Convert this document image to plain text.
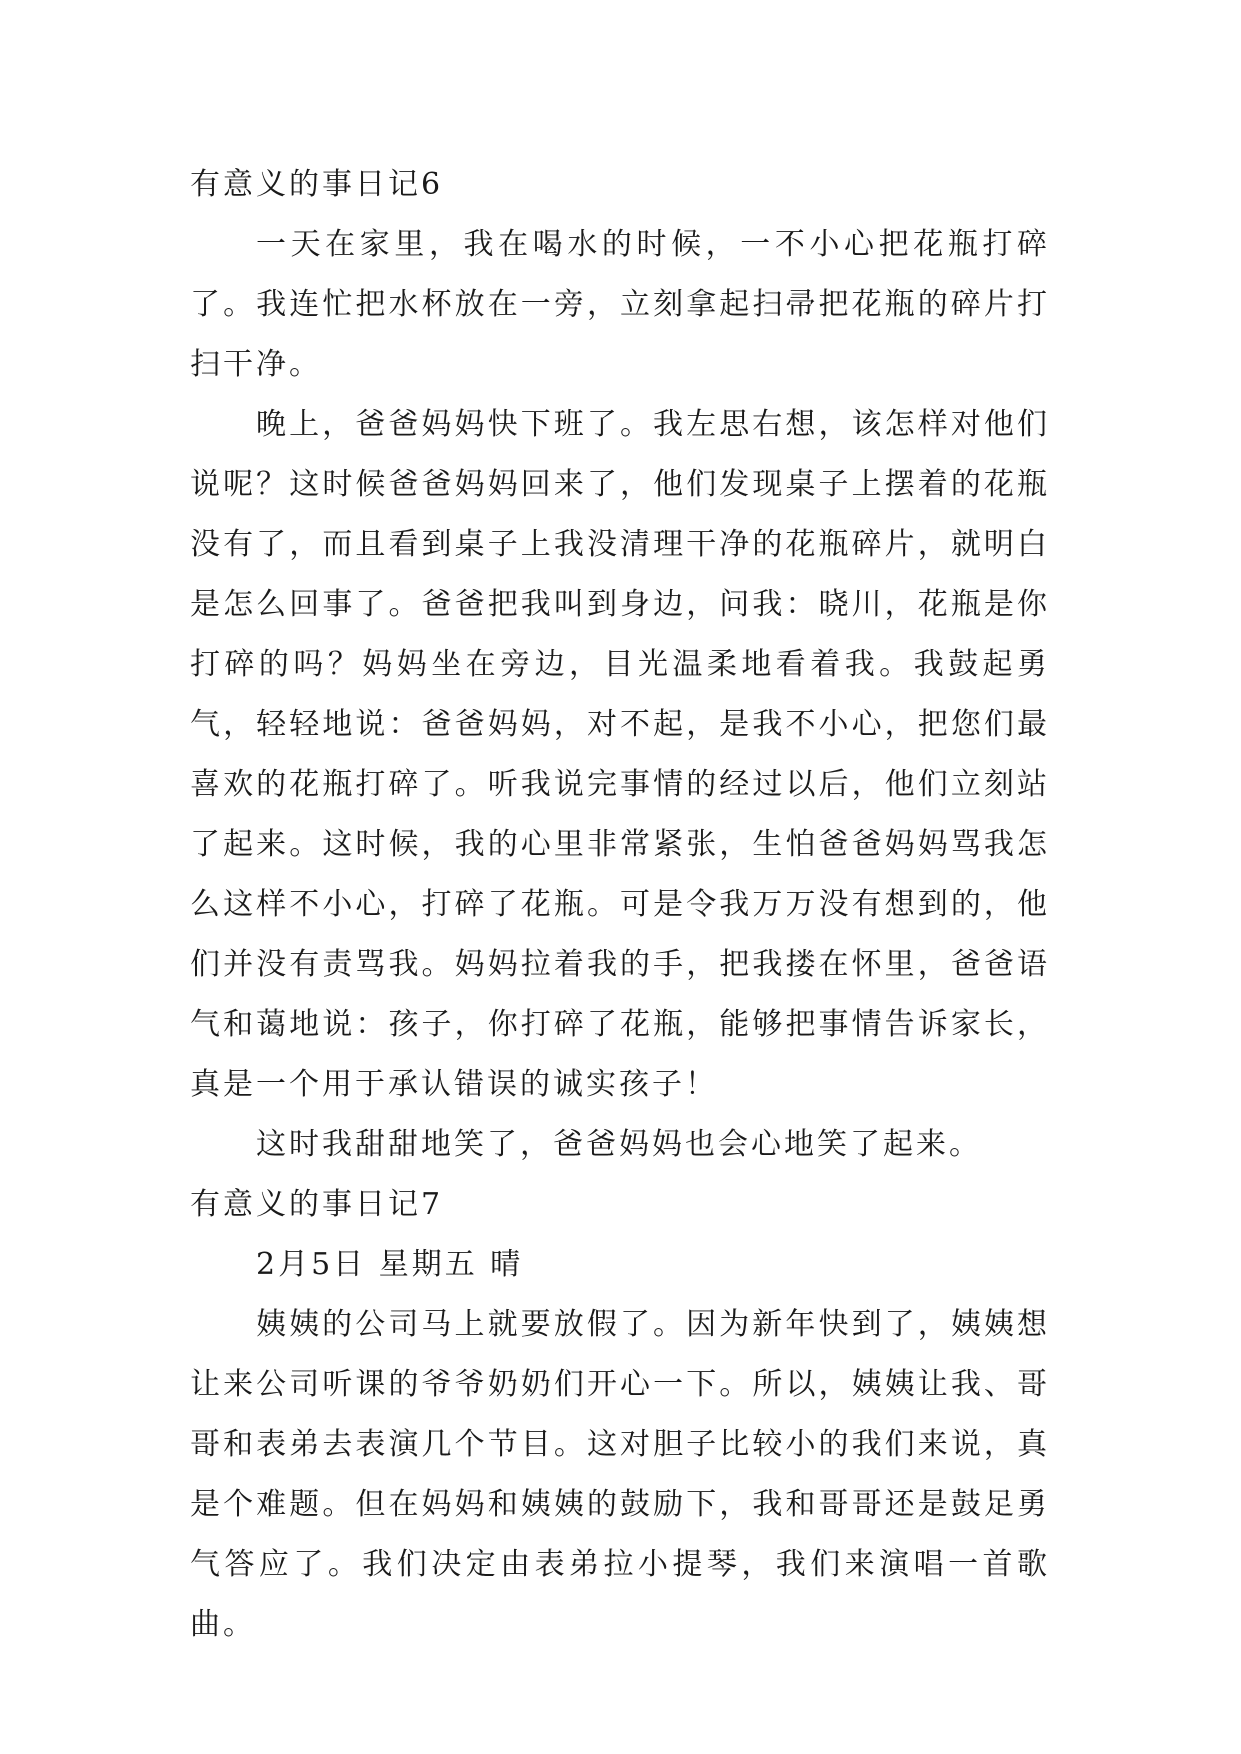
有意义的事日记6

一天在家里，我在喝水的时候，一不小心把花瓶打碎了。我连忙把水杯放在一旁，立刻拿起扫帚把花瓶的碎片打扫干净。

晚上，爸爸妈妈快下班了。我左思右想，该怎样对他们说呢？这时候爸爸妈妈回来了，他们发现桌子上摆着的花瓶没有了，而且看到桌子上我没清理干净的花瓶碎片，就明白是怎么回事了。爸爸把我叫到身边，问我：晓川，花瓶是你打碎的吗？妈妈坐在旁边，目光温柔地看着我。我鼓起勇气，轻轻地说：爸爸妈妈，对不起，是我不小心，把您们最喜欢的花瓶打碎了。听我说完事情的经过以后，他们立刻站了起来。这时候，我的心里非常紧张，生怕爸爸妈妈骂我怎么这样不小心，打碎了花瓶。可是令我万万没有想到的，他们并没有责骂我。妈妈拉着我的手，把我搂在怀里，爸爸语气和蔼地说：孩子，你打碎了花瓶，能够把事情告诉家长，真是一个用于承认错误的诚实孩子！

这时我甜甜地笑了，爸爸妈妈也会心地笑了起来。

有意义的事日记7

2月5日 星期五 晴

姨姨的公司马上就要放假了。因为新年快到了，姨姨想让来公司听课的爷爷奶奶们开心一下。所以，姨姨让我、哥哥和表弟去表演几个节目。这对胆子比较小的我们来说，真是个难题。但在妈妈和姨姨的鼓励下，我和哥哥还是鼓足勇气答应了。我们决定由表弟拉小提琴，我们来演唱一首歌曲。
